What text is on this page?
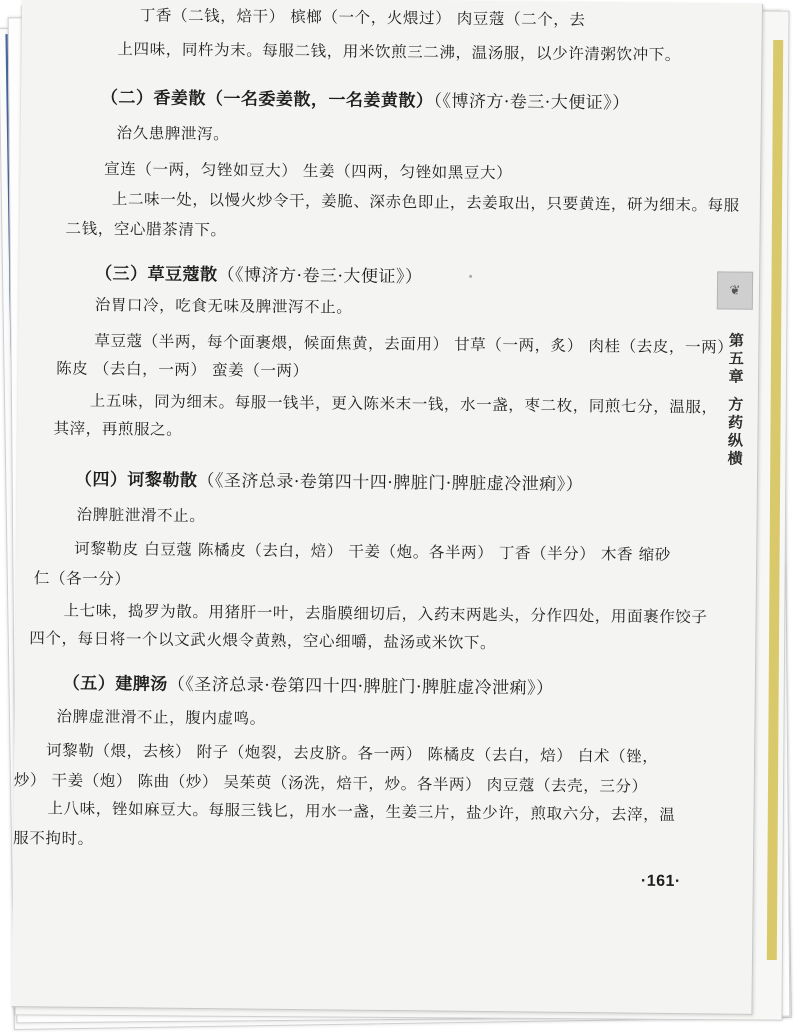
丁香（二钱，焙干） 槟榔（一个，火煨过） 肉豆蔻（二个，去
上四味，同杵为末。每服二钱，用米饮煎三二沸，温汤服，以少许清粥饮冲下。
（二）香姜散（一名委姜散，一名姜黄散）（《博济方·卷三·大便证》）
治久患脾泄泻。
宣连（一两，匀锉如豆大） 生姜（四两，匀锉如黑豆大）
上二味一处，以慢火炒令干，姜脆、深赤色即止，去姜取出，只要黄连，研为细末。每服
二钱，空心腊茶清下。
（三）草豆蔻散（《博济方·卷三·大便证》）
治胃口冷，吃食无味及脾泄泻不止。
草豆蔻（半两，每个面裹煨，候面焦黄，去面用） 甘草（一两，炙） 肉桂（去皮，一两）
陈皮 （去白，一两） 蛮姜（一两）
上五味，同为细末。每服一钱半，更入陈米末一钱，水一盏，枣二枚，同煎七分，温服，
其滓，再煎服之。
（四）诃黎勒散（《圣济总录·卷第四十四·脾脏门·脾脏虚冷泄痢》）
治脾脏泄滑不止。
诃黎勒皮 白豆蔻 陈橘皮（去白，焙） 干姜（炮。各半两） 丁香（半分） 木香 缩砂
仁（各一分）
上七味，捣罗为散。用猪肝一叶，去脂膜细切后，入药末两匙头，分作四处，用面裹作饺子
四个，每日将一个以文武火煨令黄熟，空心细嚼，盐汤或米饮下。
（五）建脾汤（《圣济总录·卷第四十四·脾脏门·脾脏虚冷泄痢》）
治脾虚泄滑不止，腹内虚鸣。
诃黎勒（煨，去核） 附子（炮裂，去皮脐。各一两） 陈橘皮（去白，焙） 白术（锉，
炒） 干姜（炮） 陈曲（炒） 吴茱萸（汤洗，焙干，炒。各半两） 肉豆蔻（去壳，三分）
上八味，锉如麻豆大。每服三钱匕，用水一盏，生姜三片，盐少许，煎取六分，去滓，温
服不拘时。
❦
第
五
章
方
药
纵
横
·161·
